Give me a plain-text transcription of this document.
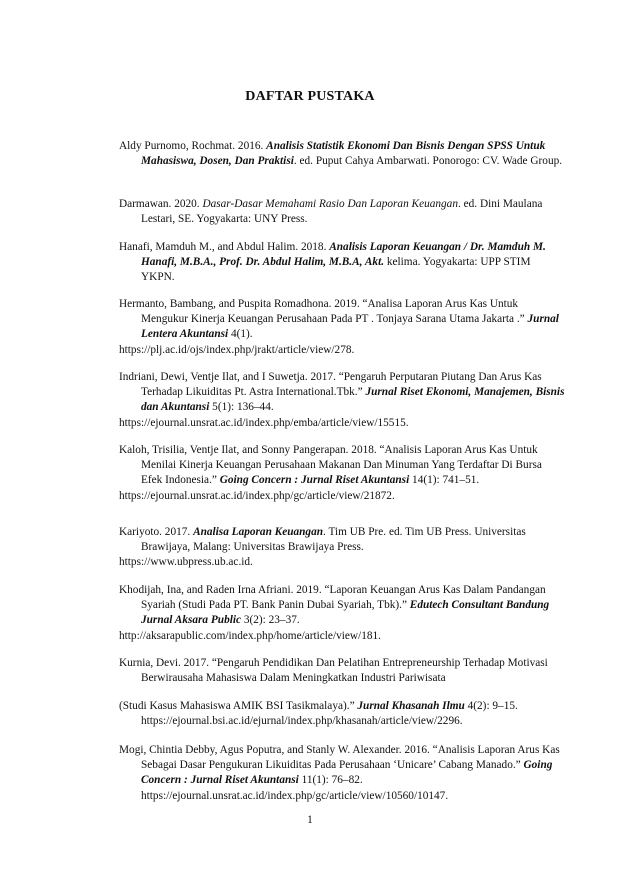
DAFTAR PUSTAKA
Aldy Purnomo, Rochmat. 2016. Analisis Statistik Ekonomi Dan Bisnis Dengan SPSS Untuk Mahasiswa, Dosen, Dan Praktisi. ed. Puput Cahya Ambarwati. Ponorogo: CV. Wade Group.
Darmawan. 2020. Dasar-Dasar Memahami Rasio Dan Laporan Keuangan. ed. Dini Maulana Lestari, SE. Yogyakarta: UNY Press.
Hanafi, Mamduh M., and Abdul Halim. 2018. Analisis Laporan Keuangan / Dr. Mamduh M. Hanafi, M.B.A., Prof. Dr. Abdul Halim, M.B.A, Akt. kelima. Yogyakarta: UPP STIM YKPN.
Hermanto, Bambang, and Puspita Romadhona. 2019. “Analisa Laporan Arus Kas Untuk Mengukur Kinerja Keuangan Perusahaan Pada PT . Tonjaya Sarana Utama Jakarta .” Jurnal Lentera Akuntansi 4(1).
https://plj.ac.id/ojs/index.php/jrakt/article/view/278.
Indriani, Dewi, Ventje Ilat, and I Suwetja. 2017. “Pengaruh Perputaran Piutang Dan Arus Kas Terhadap Likuiditas Pt. Astra International.Tbk.” Jurnal Riset Ekonomi, Manajemen, Bisnis dan Akuntansi 5(1): 136–44.
https://ejournal.unsrat.ac.id/index.php/emba/article/view/15515.
Kaloh, Trisilia, Ventje Ilat, and Sonny Pangerapan. 2018. “Analisis Laporan Arus Kas Untuk Menilai Kinerja Keuangan Perusahaan Makanan Dan Minuman Yang Terdaftar Di Bursa Efek Indonesia.” Going Concern : Jurnal Riset Akuntansi 14(1): 741–51.
https://ejournal.unsrat.ac.id/index.php/gc/article/view/21872.
Kariyoto. 2017. Analisa Laporan Keuangan. Tim UB Pre. ed. Tim UB Press. Universitas Brawijaya, Malang: Universitas Brawijaya Press.
https://www.ubpress.ub.ac.id.
Khodijah, Ina, and Raden Irna Afriani. 2019. “Laporan Keuangan Arus Kas Dalam Pandangan Syariah (Studi Pada PT. Bank Panin Dubai Syariah, Tbk).” Edutech Consultant Bandung Jurnal Aksara Public 3(2): 23–37.
http://aksarapublic.com/index.php/home/article/view/181.
Kurnia, Devi. 2017. “Pengaruh Pendidikan Dan Pelatihan Entrepreneurship Terhadap Motivasi Berwirausaha Mahasiswa Dalam Meningkatkan Industri Pariwisata
(Studi Kasus Mahasiswa AMIK BSI Tasikmalaya).” Jurnal Khasanah Ilmu 4(2): 9–15. https://ejournal.bsi.ac.id/ejurnal/index.php/khasanah/article/view/2296.
Mogi, Chintia Debby, Agus Poputra, and Stanly W. Alexander. 2016. “Analisis Laporan Arus Kas Sebagai Dasar Pengukuran Likuiditas Pada Perusahaan ‘Unicare’ Cabang Manado.” Going Concern : Jurnal Riset Akuntansi 11(1): 76–82. https://ejournal.unsrat.ac.id/index.php/gc/article/view/10560/10147.
1
